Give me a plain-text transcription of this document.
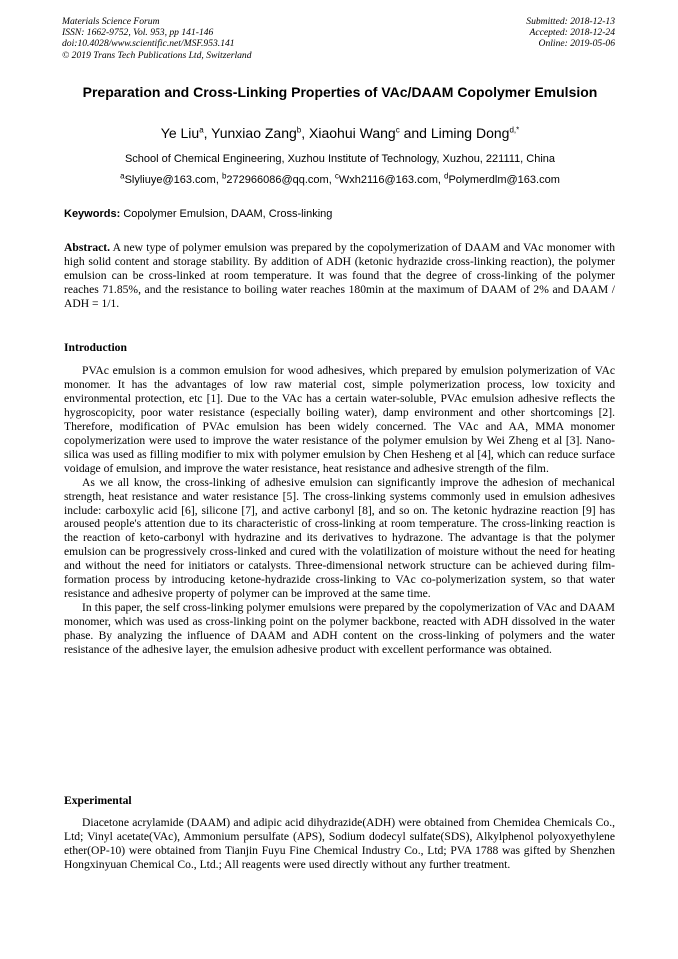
Materials Science Forum
ISSN: 1662-9752, Vol. 953, pp 141-146
doi:10.4028/www.scientific.net/MSF.953.141
© 2019 Trans Tech Publications Ltd, Switzerland
Submitted: 2018-12-13
Accepted: 2018-12-24
Online: 2019-05-06
Preparation and Cross-Linking Properties of VAc/DAAM Copolymer Emulsion
Ye Liu$^a$, Yunxiao Zang$^b$, Xiaohui Wang$^c$ and Liming Dong$^{d,*}$
School of Chemical Engineering, Xuzhou Institute of Technology, Xuzhou, 221111, China
$^a$Slyliuye@163.com, $^b$272966086@qq.com, $^c$Wxh2116@163.com, $^d$Polymerdlm@163.com
Keywords: Copolymer Emulsion, DAAM, Cross-linking

Abstract. A new type of polymer emulsion was prepared by the copolymerization of DAAM and VAc monomer with high solid content and storage stability. By addition of ADH (ketonic hydrazide cross-linking reaction), the polymer emulsion can be cross-linked at room temperature. It was found that the degree of cross-linking of the polymer reaches 71.85%, and the resistance to boiling water reaches 180min at the maximum of DAAM of 2% and DAAM / ADH = 1/1.

Introduction

PVAc emulsion is a common emulsion for wood adhesives, which prepared by emulsion polymerization of VAc monomer. It has the advantages of low raw material cost, simple polymerization process, low toxicity and environmental protection, etc [1]. Due to the VAc has a certain water-soluble, PVAc emulsion adhesive reflects the hygroscopicity, poor water resistance (especially boiling water), damp environment and other shortcomings [2]. Therefore, modification of PVAc emulsion has been widely concerned. The VAc and AA, MMA monomer copolymerization were used to improve the water resistance of the polymer emulsion by Wei Zheng et al [3]. Nano-silica was used as filling modifier to mix with polymer emulsion by Chen Hesheng et al [4], which can reduce surface voidage of emulsion, and improve the water resistance, heat resistance and adhesive strength of the film.

As we all know, the cross-linking of adhesive emulsion can significantly improve the adhesion of mechanical strength, heat resistance and water resistance [5]. The cross-linking systems commonly used in emulsion adhesives include: carboxylic acid [6], silicone [7], and active carbonyl [8], and so on. The ketonic hydrazine reaction [9] has aroused people's attention due to its characteristic of cross-linking at room temperature. The cross-linking reaction is the reaction of keto-carbonyl with hydrazine and its derivatives to hydrazone. The advantage is that the polymer emulsion can be progressively cross-linked and cured with the volatilization of moisture without the need for heating and without the need for initiators or catalysts. Three-dimensional network structure can be achieved during film-formation process by introducing ketone-hydrazide cross-linking to VAc co-polymerization system, so that water resistance and adhesive property of polymer can be improved at the same time.

In this paper, the self cross-linking polymer emulsions were prepared by the copolymerization of VAc and DAAM monomer, which was used as cross-linking point on the polymer backbone, reacted with ADH dissolved in the water phase. By analyzing the influence of DAAM and ADH content on the cross-linking of polymers and the water resistance of the adhesive layer, the emulsion adhesive product with excellent performance was obtained.

Experimental

Diacetone acrylamide (DAAM) and adipic acid dihydrazide(ADH) were obtained from Chemidea Chemicals Co., Ltd; Vinyl acetate(VAc), Ammonium persulfate (APS), Sodium dodecyl sulfate(SDS), Alkylphenol polyoxyethylene ether(OP-10) were obtained from Tianjin Fuyu Fine Chemical Industry Co., Ltd; PVA 1788 was gifted by Shenzhen Hongxinyuan Chemical Co., Ltd.; All reagents were used directly without any further treatment.
